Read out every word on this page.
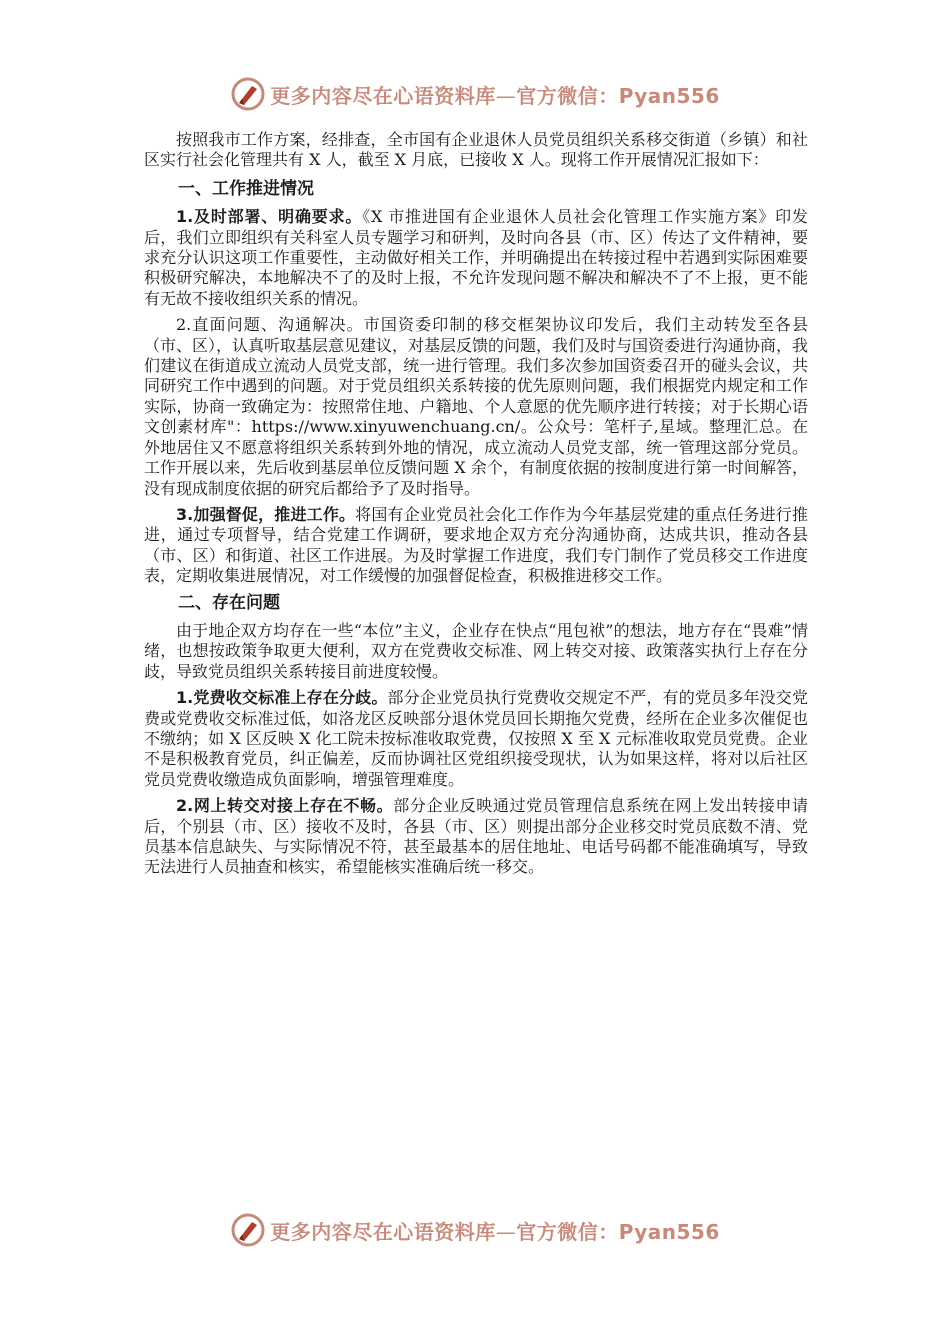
更多内容尽在心语资料库—官方微信：Pyan556

按照我市工作方案，经排查，全市国有企业退休人员党员组织关系移交街道（乡镇）和社区实行社会化管理共有 X 人，截至 X 月底，已接收 X 人。现将工作开展情况汇报如下：

一、工作推进情况

1.及时部署、明确要求。《X 市推进国有企业退休人员社会化管理工作实施方案》印发后，我们立即组织有关科室人员专题学习和研判，及时向各县（市、区）传达了文件精神，要求充分认识这项工作重要性，主动做好相关工作，并明确提出在转接过程中若遇到实际困难要积极研究解决，本地解决不了的及时上报，不允许发现问题不解决和解决不了不上报，更不能有无故不接收组织关系的情况。

2.直面问题、沟通解决。市国资委印制的移交框架协议印发后，我们主动转发至各县（市、区），认真听取基层意见建议，对基层反馈的问题，我们及时与国资委进行沟通协商，我们建议在街道成立流动人员党支部，统一进行管理。我们多次参加国资委召开的碰头会议，共同研究工作中遇到的问题。对于党员组织关系转接的优先原则问题，我们根据党内规定和工作实际，协商一致确定为：按照常住地、户籍地、个人意愿的优先顺序进行转接；对于长期心语文创素材库"：https://www.xinyuwenchuang.cn/。公众号：笔杆子,星域。整理汇总。在外地居住又不愿意将组织关系转到外地的情况，成立流动人员党支部，统一管理这部分党员。工作开展以来，先后收到基层单位反馈问题 X 余个，有制度依据的按制度进行第一时间解答，没有现成制度依据的研究后都给予了及时指导。

3.加强督促，推进工作。将国有企业党员社会化工作作为今年基层党建的重点任务进行推进，通过专项督导，结合党建工作调研，要求地企双方充分沟通协商，达成共识，推动各县（市、区）和街道、社区工作进展。为及时掌握工作进度，我们专门制作了党员移交工作进度表，定期收集进展情况，对工作缓慢的加强督促检查，积极推进移交工作。

二、存在问题

由于地企双方均存在一些“本位”主义，企业存在快点“甩包袱”的想法，地方存在“畏难”情绪，也想按政策争取更大便利，双方在党费收交标准、网上转交对接、政策落实执行上存在分歧，导致党员组织关系转接目前进度较慢。

1.党费收交标准上存在分歧。部分企业党员执行党费收交规定不严，有的党员多年没交党费或党费收交标准过低，如洛龙区反映部分退休党员回长期拖欠党费，经所在企业多次催促也不缴纳；如 X 区反映 X 化工院未按标准收取党费，仅按照 X 至 X 元标准收取党员党费。企业不是积极教育党员，纠正偏差，反而协调社区党组织接受现状，认为如果这样，将对以后社区党员党费收缴造成负面影响，增强管理难度。

2.网上转交对接上存在不畅。部分企业反映通过党员管理信息系统在网上发出转接申请后，个别县（市、区）接收不及时，各县（市、区）则提出部分企业移交时党员底数不清、党员基本信息缺失、与实际情况不符，甚至最基本的居住地址、电话号码都不能准确填写，导致无法进行人员抽查和核实，希望能核实准确后统一移交。

更多内容尽在心语资料库—官方微信：Pyan556
